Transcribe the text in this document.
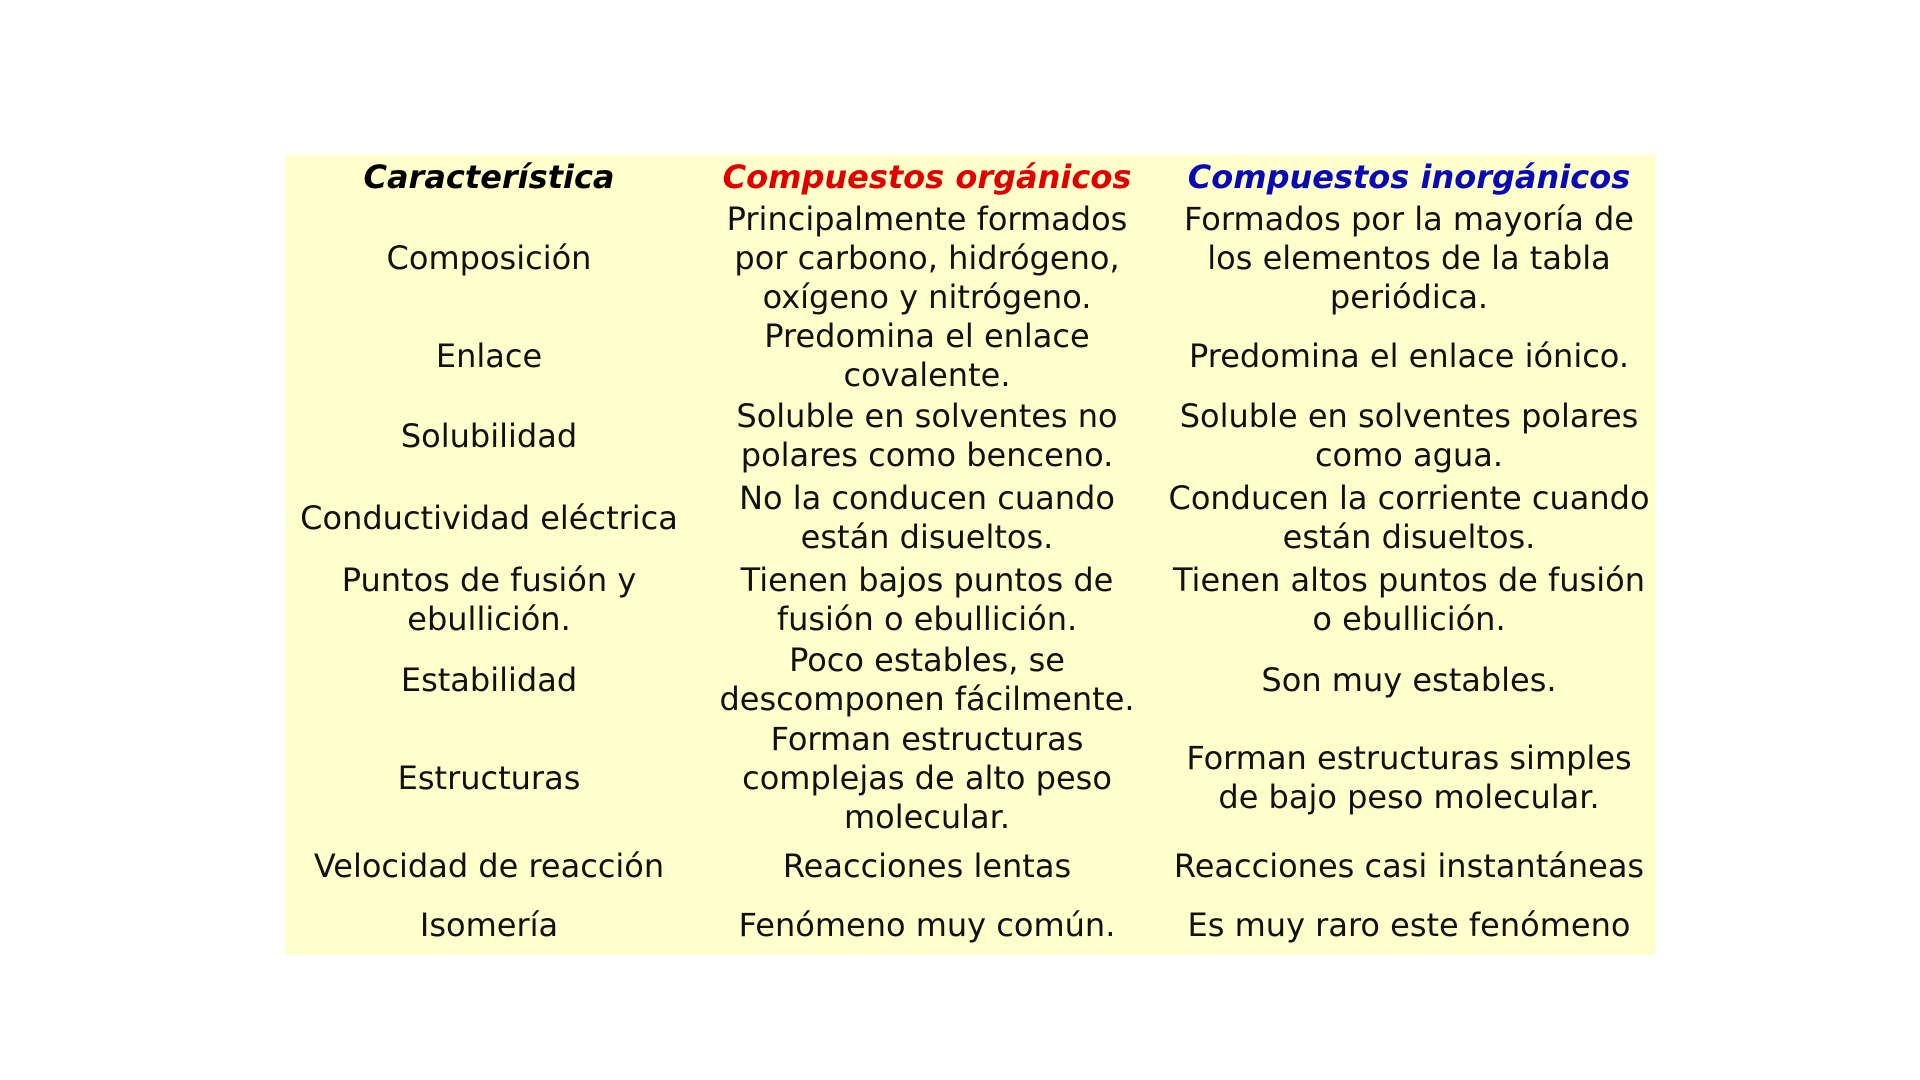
Característica	Compuestos orgánicos	Compuestos inorgánicos
Composición	Principalmente formados por carbono, hidrógeno, oxígeno y nitrógeno.	Formados por la mayoría de los elementos de la tabla periódica.
Enlace	Predomina el enlace covalente.	Predomina el enlace iónico.
Solubilidad	Soluble en solventes no polares como benceno.	Soluble en solventes polares como agua.
Conductividad eléctrica	No la conducen cuando están disueltos.	Conducen la corriente cuando están disueltos.
Puntos de fusión y ebullición.	Tienen bajos puntos de fusión o ebullición.	Tienen altos puntos de fusión o ebullición.
Estabilidad	Poco estables, se descomponen fácilmente.	Son muy estables.
Estructuras	Forman estructuras complejas de alto peso molecular.	Forman estructuras simples de bajo peso molecular.
Velocidad de reacción	Reacciones lentas	Reacciones casi instantáneas
Isomería	Fenómeno muy común.	Es muy raro este fenómeno
